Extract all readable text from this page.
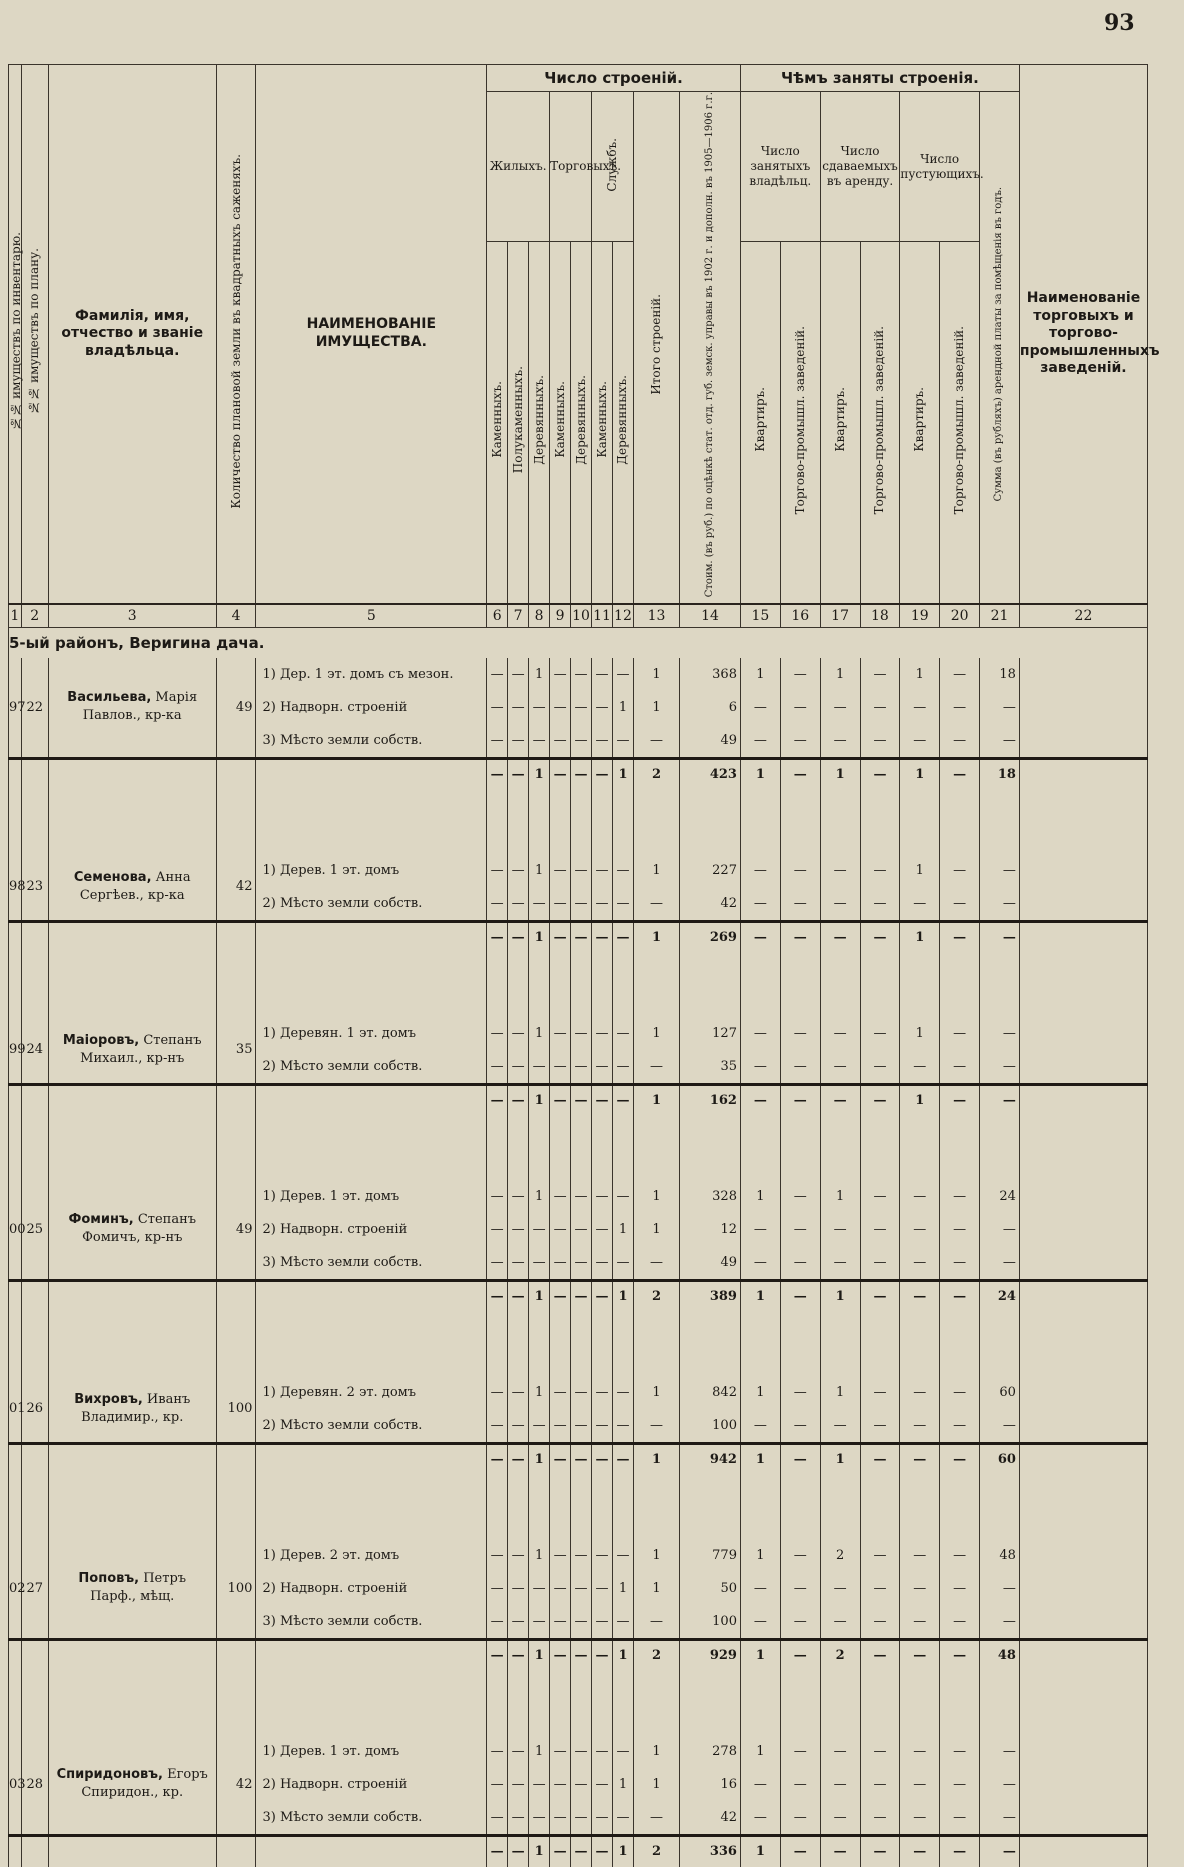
93
№№ имуществъ по инвентарю.	№№ имуществъ по плану.	Фамилія, имя, отчество и званіе владѣльца.	Количество плановой земли въ квадратныхъ саженяхъ.	НАИМЕНОВАНІЕ ИМУЩЕСТВА.	Число строеній.									Чѣмъ заняты строенія.							Наименованіе торговыхъ и торгово-промышленныхъ заведеній.
					Жилыхъ.			Торговыхъ.		Службъ.		Итого строеній.	Стоим. (въ руб.) по оцѣнкѣ стат. отд. губ. земск. управы въ 1902 г. и дополн. въ 1905—1906 г.г.	Число занятыхъ владѣльц.		Число сдаваемыхъ въ аренду.		Число пустующихъ.		Сумма (въ рубляхъ) арендной платы за помѣщенія въ годъ.	
					Каменныхъ.	Полукаменныхъ.	Деревянныхъ.	Каменныхъ.	Деревянныхъ.	Каменныхъ.	Деревянныхъ.			Квартиръ.	Торгово-промышл. заведеній.	Квартиръ.	Торгово-промышл. заведеній.	Квартиръ.	Торгово-промышл. заведеній.		
1	2	3	4	5	6	7	8	9	10	11	12	13	14	15	16	17	18	19	20	21	22
5-ый районъ, Веригина дача.																					
97	22	Васильева, Марія Павлов., кр-ка	49	1) Дер. 1 эт. домъ съ мезон.	—	—	1	—	—	—	—	1	368	1	—	1	—	1	—	18	
				2) Надворн. строеній	—	—	—	—	—	—	1	1	6	—	—	—	—	—	—	—	
				3) Мѣсто земли собств.	—	—	—	—	—	—	—	—	49	—	—	—	—	—	—	—	
					—	—	1	—	—	—	1	2	423	1	—	1	—	1	—	18	

98	23	Семенова, Анна Сергѣев., кр-ка	42	1) Дерев. 1 эт. домъ	—	—	1	—	—	—	—	1	227	—	—	—	—	1	—	—	
				2) Мѣсто земли собств.	—	—	—	—	—	—	—	—	42	—	—	—	—	—	—	—	
					—	—	1	—	—	—	—	1	269	—	—	—	—	1	—	—	

99	24	Маіоровъ, Степанъ Михаил., кр-нъ	35	1) Деревян. 1 эт. домъ	—	—	1	—	—	—	—	1	127	—	—	—	—	1	—	—	
				2) Мѣсто земли собств.	—	—	—	—	—	—	—	—	35	—	—	—	—	—	—	—	
					—	—	1	—	—	—	—	1	162	—	—	—	—	1	—	—	

00	25	Фоминъ, Степанъ Фомичъ, кр-нъ	49	1) Дерев. 1 эт. домъ	—	—	1	—	—	—	—	1	328	1	—	1	—	—	—	24	
				2) Надворн. строеній	—	—	—	—	—	—	1	1	12	—	—	—	—	—	—	—	
				3) Мѣсто земли собств.	—	—	—	—	—	—	—	—	49	—	—	—	—	—	—	—	
					—	—	1	—	—	—	1	2	389	1	—	1	—	—	—	24	

01	26	Вихровъ, Иванъ Владимир., кр.	100	1) Деревян. 2 эт. домъ	—	—	1	—	—	—	—	1	842	1	—	1	—	—	—	60	
				2) Мѣсто земли собств.	—	—	—	—	—	—	—	—	100	—	—	—	—	—	—	—	
					—	—	1	—	—	—	—	1	942	1	—	1	—	—	—	60	

02	27	Поповъ, Петръ Парф., мѣщ.	100	1) Дерев. 2 эт. домъ	—	—	1	—	—	—	—	1	779	1	—	2	—	—	—	48	
				2) Надворн. строеній	—	—	—	—	—	—	1	1	50	—	—	—	—	—	—	—	
				3) Мѣсто земли собств.	—	—	—	—	—	—	—	—	100	—	—	—	—	—	—	—	
					—	—	1	—	—	—	1	2	929	1	—	2	—	—	—	48	

03	28	Спиридоновъ, Егоръ Спиридон., кр.	42	1) Дерев. 1 эт. домъ	—	—	1	—	—	—	—	1	278	1	—	—	—	—	—	—	
				2) Надворн. строеній	—	—	—	—	—	—	1	1	16	—	—	—	—	—	—	—	
				3) Мѣсто земли собств.	—	—	—	—	—	—	—	—	42	—	—	—	—	—	—	—	
					—	—	1	—	—	—	1	2	336	1	—	—	—	—	—	—	
